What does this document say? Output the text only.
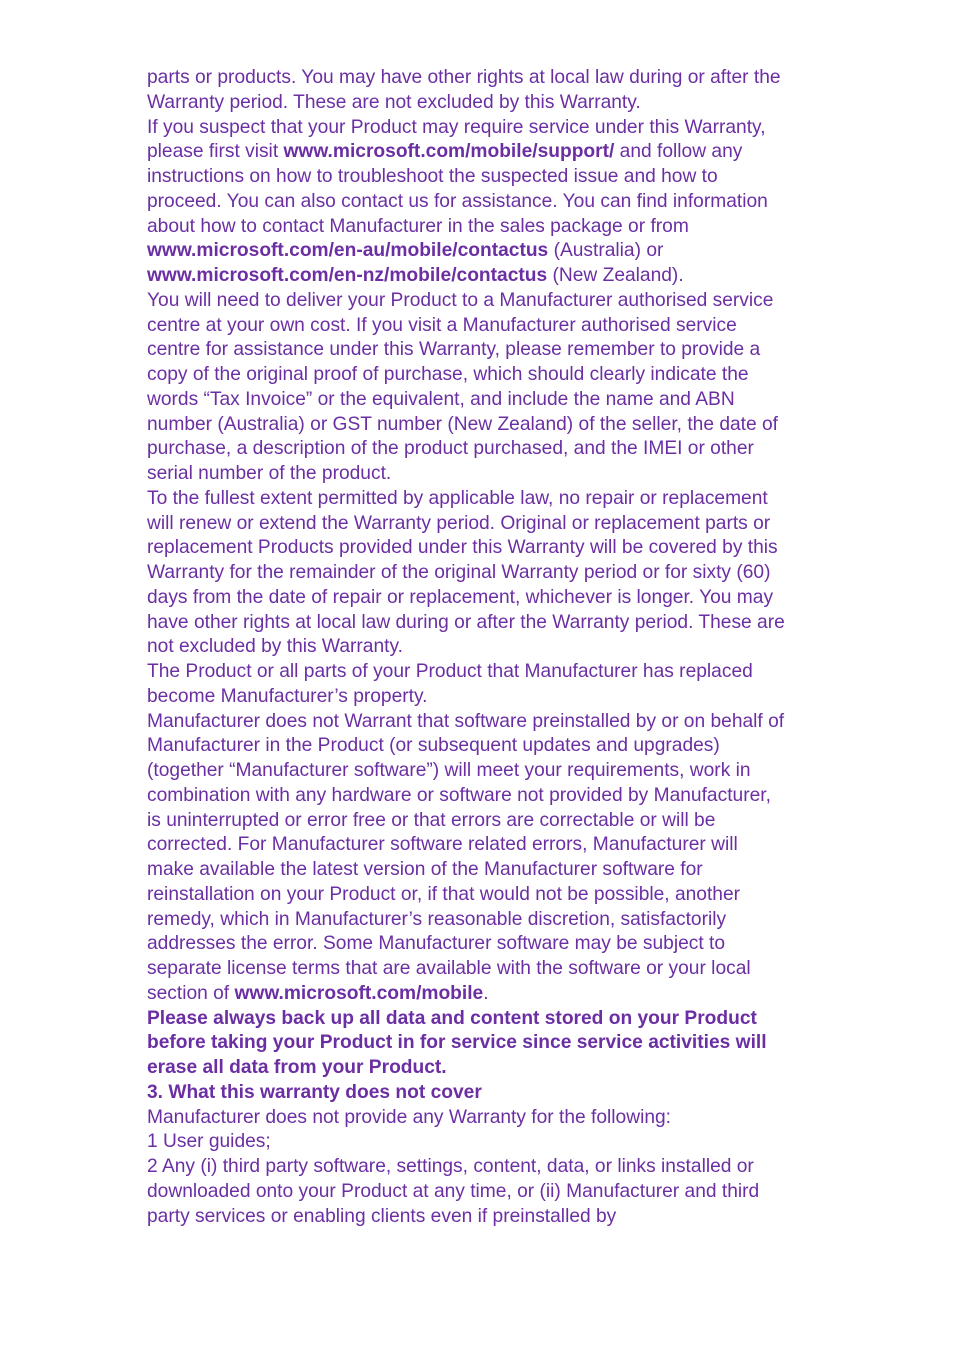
parts or products. You may have other rights at local law during or after the Warranty period. These are not excluded by this Warranty.

If you suspect that your Product may require service under this Warranty, please first visit www.microsoft.com/mobile/support/ and follow any instructions on how to troubleshoot the suspected issue and how to proceed. You can also contact us for assistance. You can find information about how to contact Manufacturer in the sales package or from www.microsoft.com/en-au/mobile/contactus (Australia) or www.microsoft.com/en-nz/mobile/contactus (New Zealand).

You will need to deliver your Product to a Manufacturer authorised service centre at your own cost. If you visit a Manufacturer authorised service centre for assistance under this Warranty, please remember to provide a copy of the original proof of purchase, which should clearly indicate the words “Tax Invoice” or the equivalent, and include the name and ABN number (Australia) or GST number (New Zealand) of the seller, the date of purchase, a description of the product purchased, and the IMEI or other serial number of the product.

To the fullest extent permitted by applicable law, no repair or replacement will renew or extend the Warranty period. Original or replacement parts or replacement Products provided under this Warranty will be covered by this Warranty for the remainder of the original Warranty period or for sixty (60) days from the date of repair or replacement, whichever is longer. You may have other rights at local law during or after the Warranty period. These are not excluded by this Warranty.

The Product or all parts of your Product that Manufacturer has replaced become Manufacturer’s property.

Manufacturer does not Warrant that software preinstalled by or on behalf of Manufacturer in the Product (or subsequent updates and upgrades) (together “Manufacturer software”) will meet your requirements, work in combination with any hardware or software not provided by Manufacturer, is uninterrupted or error free or that errors are correctable or will be corrected. For Manufacturer software related errors, Manufacturer will make available the latest version of the Manufacturer software for reinstallation on your Product or, if that would not be possible, another remedy, which in Manufacturer’s reasonable discretion, satisfactorily addresses the error. Some Manufacturer software may be subject to separate license terms that are available with the software or your local section of www.microsoft.com/mobile.

Please always back up all data and content stored on your Product before taking your Product in for service since service activities will erase all data from your Product.

3. What this warranty does not cover

Manufacturer does not provide any Warranty for the following:

1 User guides;

2 Any (i) third party software, settings, content, data, or links installed or downloaded onto your Product at any time, or (ii) Manufacturer and third party services or enabling clients even if preinstalled by
